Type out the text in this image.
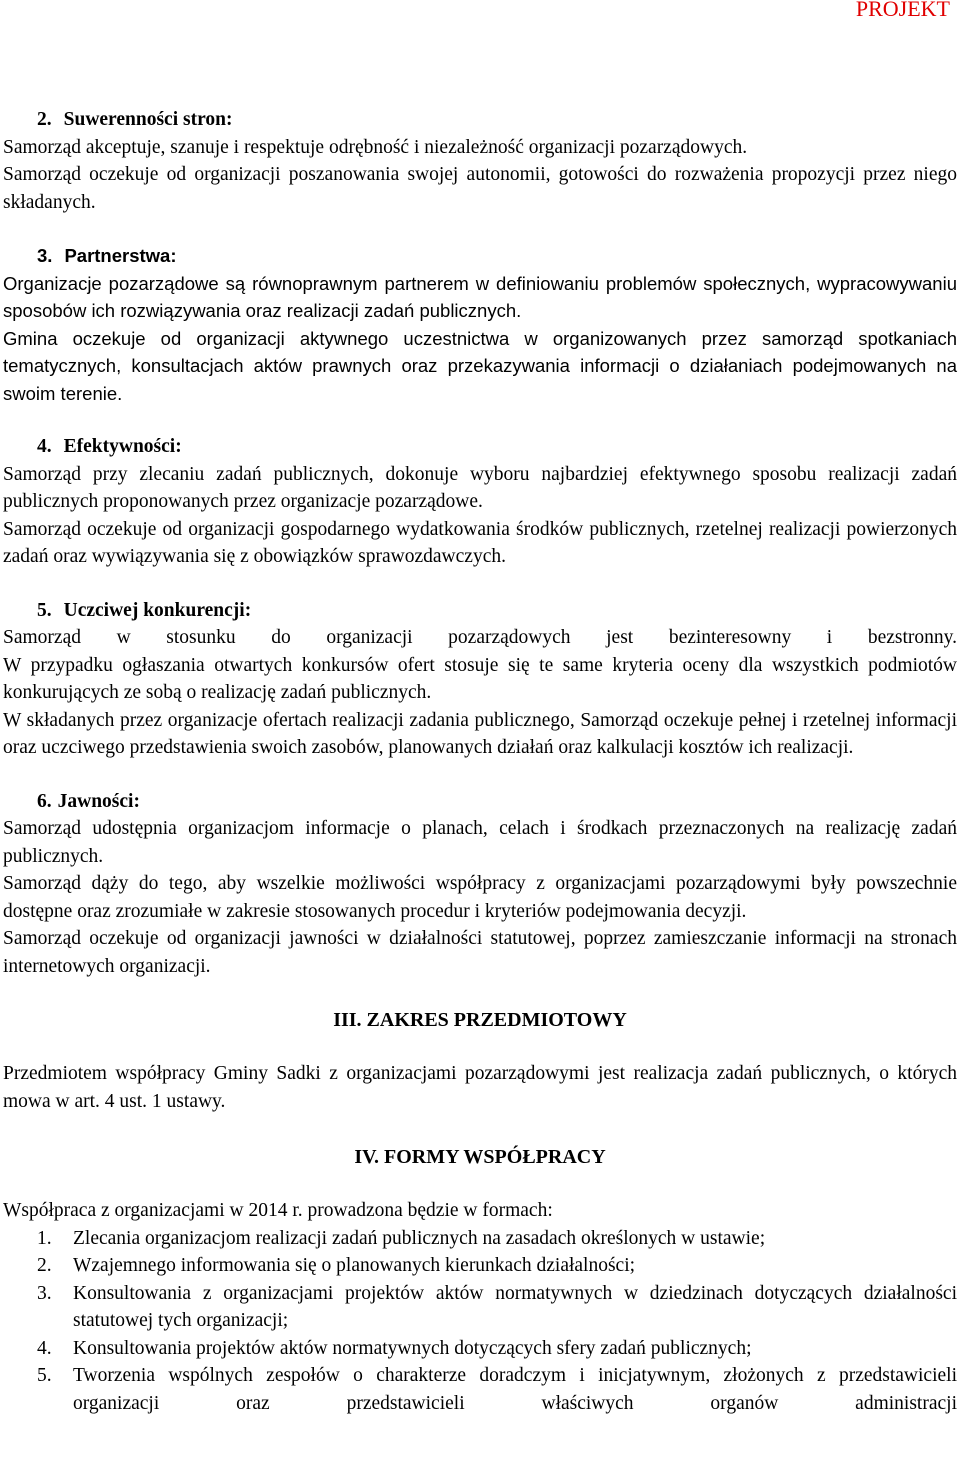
PROJEKT

2. Suwerenności stron:

Samorząd akceptuje, szanuje i respektuje odrębność i niezależność organizacji pozarządowych.

Samorząd oczekuje od organizacji poszanowania swojej autonomii, gotowości do rozważenia propozycji przez niego składanych.

3. Partnerstwa:

Organizacje pozarządowe są równoprawnym partnerem w definiowaniu problemów społecznych, wypracowywaniu sposobów ich rozwiązywania oraz realizacji zadań publicznych.

Gmina oczekuje od organizacji aktywnego uczestnictwa w organizowanych przez samorząd spotkaniach tematycznych, konsultacjach aktów prawnych oraz przekazywania informacji o działaniach podejmowanych na swoim terenie.

4. Efektywności:

Samorząd przy zlecaniu zadań publicznych, dokonuje wyboru najbardziej efektywnego sposobu realizacji zadań publicznych proponowanych przez organizacje pozarządowe.

Samorząd oczekuje od organizacji gospodarnego wydatkowania środków publicznych, rzetelnej realizacji powierzonych zadań oraz wywiązywania się z obowiązków sprawozdawczych.

5. Uczciwej konkurencji:

Samorząd w stosunku do organizacji pozarządowych jest bezinteresowny i bezstronny.

W przypadku ogłaszania otwartych konkursów ofert stosuje się te same kryteria oceny dla wszystkich podmiotów konkurujących ze sobą o realizację zadań publicznych.

W składanych przez organizacje ofertach realizacji zadania publicznego, Samorząd oczekuje pełnej i rzetelnej informacji oraz uczciwego przedstawienia swoich zasobów, planowanych działań oraz kalkulacji kosztów ich realizacji.

6. Jawności:

Samorząd udostępnia organizacjom informacje o planach, celach i środkach przeznaczonych na realizację zadań publicznych.

Samorząd dąży do tego, aby wszelkie możliwości współpracy z organizacjami pozarządowymi były powszechnie dostępne oraz zrozumiałe w zakresie stosowanych procedur i kryteriów podejmowania decyzji.

Samorząd oczekuje od organizacji jawności w działalności statutowej, poprzez zamieszczanie informacji na stronach internetowych organizacji.

III. ZAKRES PRZEDMIOTOWY

Przedmiotem współpracy Gminy Sadki z organizacjami pozarządowymi jest realizacja zadań publicznych, o których mowa w art. 4 ust. 1 ustawy.

IV. FORMY WSPÓŁPRACY

Współpraca z organizacjami w 2014 r. prowadzona będzie w formach:

1.	Zlecania organizacjom realizacji zadań publicznych na zasadach określonych w ustawie;
2.	Wzajemnego informowania się o planowanych kierunkach działalności;
3.	Konsultowania z organizacjami projektów aktów normatywnych w dziedzinach dotyczących działalności statutowej tych organizacji;
4.	Konsultowania projektów aktów normatywnych dotyczących sfery zadań publicznych;
5.	Tworzenia wspólnych zespołów o charakterze doradczym i inicjatywnym, złożonych z przedstawicieli organizacji oraz przedstawicieli właściwych organów administracji
